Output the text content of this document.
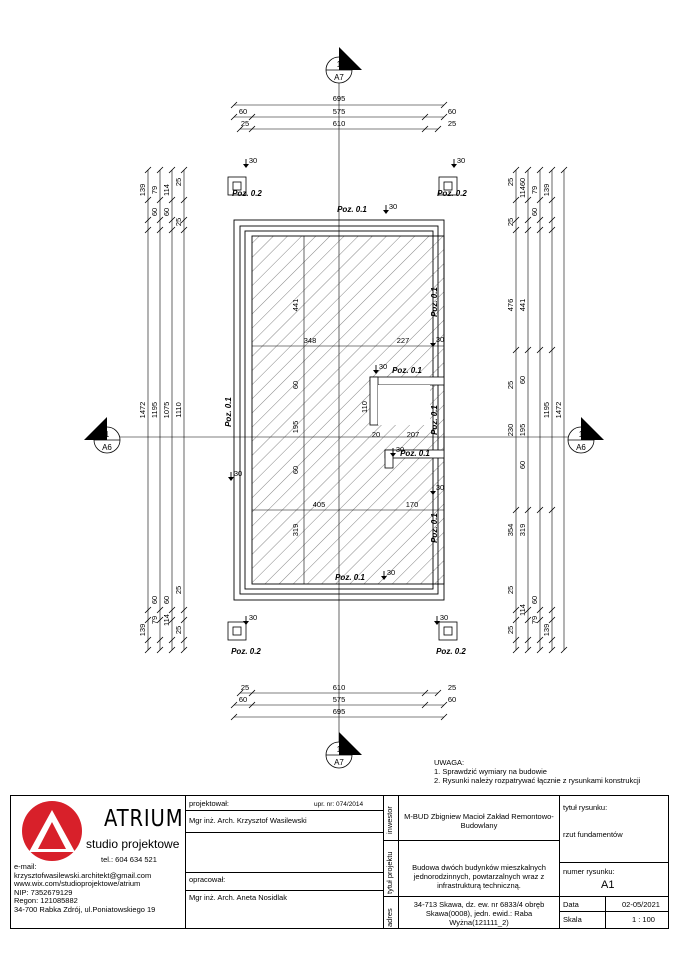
1
A7
1
A7
1
A6
1
A6
695
60	575	60
25	610	25
25	610	25
60	575	60
695
139
1472
139
60
79
1195
60
79
60
114
1075
60
114
25
25
1110
25
25
25
25
25
25
114
60
60
25
60
114
476
230
354
441
195
319
60
79
79
60
139
1195
139
1472
441
348	227
60
110
195
20	207
60
405	170
319
30	30
30
30
30
30
30	30
30
30
30
Poz. 0.1
Poz. 0.1
Poz. 0.1
Poz. 0.1
Poz. 0.1
Poz. 0.1
Poz. 0.1
Poz. 0.1
Poz. 0.2	Poz. 0.2
Poz. 0.2	Poz. 0.2
UWAGA:
1. Sprawdzić wymiary na budowie
2. Rysunki należy rozpatrywać łącznie z rysunkami konstrukcji
ATRIUM
studio projektowe
tel.: 604 634 521
e-mail:
krzysztofwasilewski.architekt@gmail.com
www.wix.com/studioprojektowe/atrium
NIP: 7352679129
Regon: 121085882
34-700 Rabka Zdrój, ul.Poniatowskiego 19
projektował:	upr. nr: 074/2014
Mgr inż. Arch. Krzysztof Wasilewski
opracował:
Mgr inż. Arch. Aneta Nosidlak
inwestor
tytuł projektu
adres
M-BUD Zbigniew Macioł Zakład Remontowo-Budowlany
Budowa dwóch budynków mieszkalnych jednorodzinnych, powtarzalnych wraz z infrastrukturą techniczną.
34-713 Skawa, dz. ew. nr 6833/4 obręb Skawa(0008), jedn. ewid.: Raba Wyżna(121111_2)
tytuł rysunku:
rzut fundamentów
numer rysunku:
A1
Data	02-05/2021
Skala	1 : 100
